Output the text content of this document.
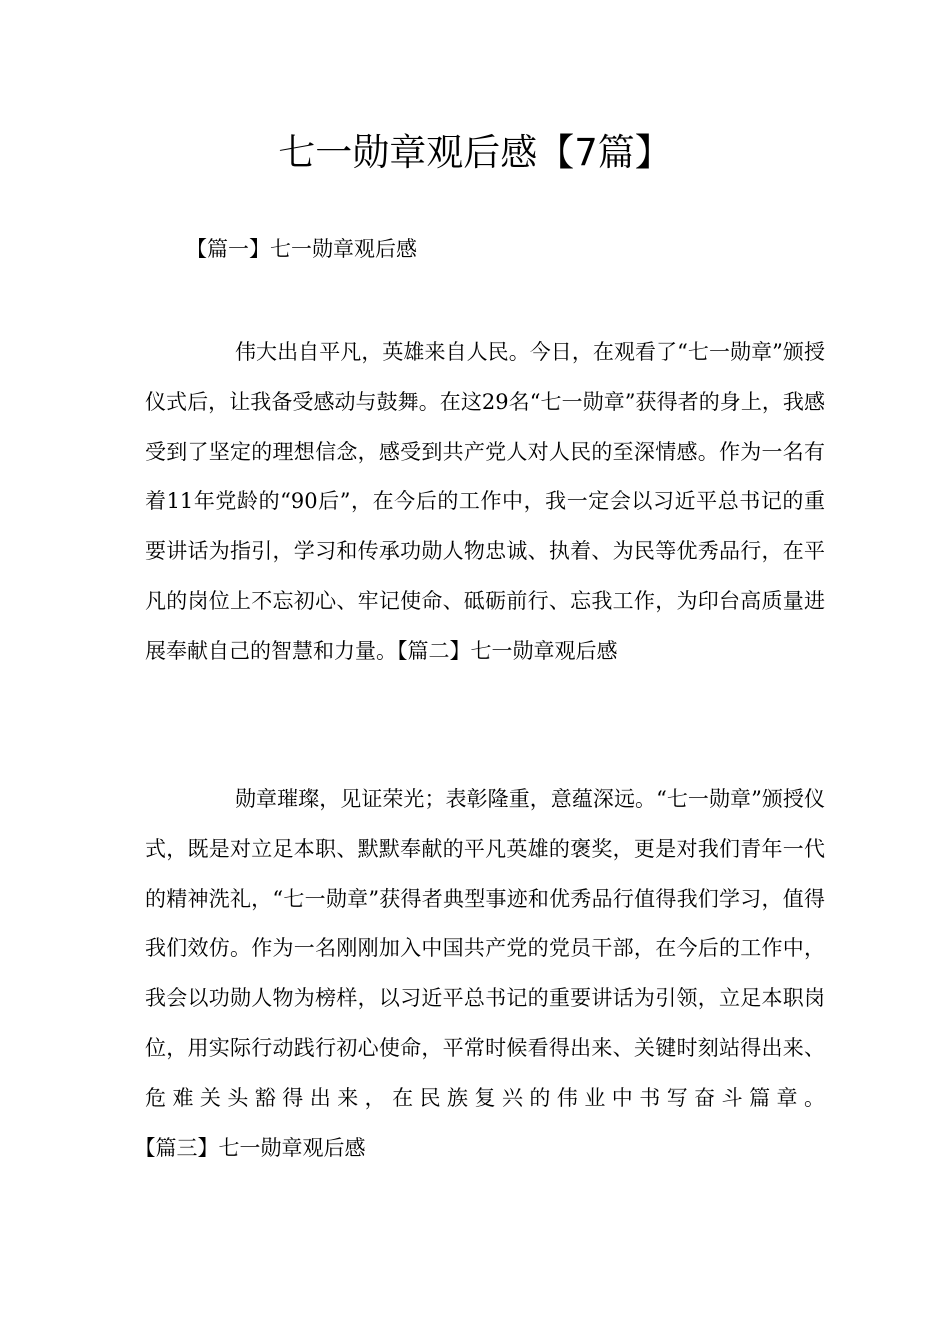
七一勋章观后感【7篇】

【篇一】七一勋章观后感

伟大出自平凡，英雄来自人民。今日，在观看了“七一勋章”颁授仪式后，让我备受感动与鼓舞。在这29名“七一勋章”获得者的身上，我感受到了坚定的理想信念，感受到共产党人对人民的至深情感。作为一名有着11年党龄的“90后”，在今后的工作中，我一定会以习近平总书记的重要讲话为指引，学习和传承功勋人物忠诚、执着、为民等优秀品行，在平凡的岗位上不忘初心、牢记使命、砥砺前行、忘我工作，为印台高质量进展奉献自己的智慧和力量。【篇二】七一勋章观后感

勋章璀璨，见证荣光；表彰隆重，意蕴深远。“七一勋章”颁授仪式，既是对立足本职、默默奉献的平凡英雄的褒奖，更是对我们青年一代的精神洗礼，“七一勋章”获得者典型事迹和优秀品行值得我们学习，值得我们效仿。作为一名刚刚加入中国共产党的党员干部，在今后的工作中，我会以功勋人物为榜样，以习近平总书记的重要讲话为引领，立足本职岗位，用实际行动践行初心使命，平常时候看得出来、关键时刻站得出来、危难关头豁得出来，在民族复兴的伟业中书写奋斗篇章。【篇三】七一勋章观后感
